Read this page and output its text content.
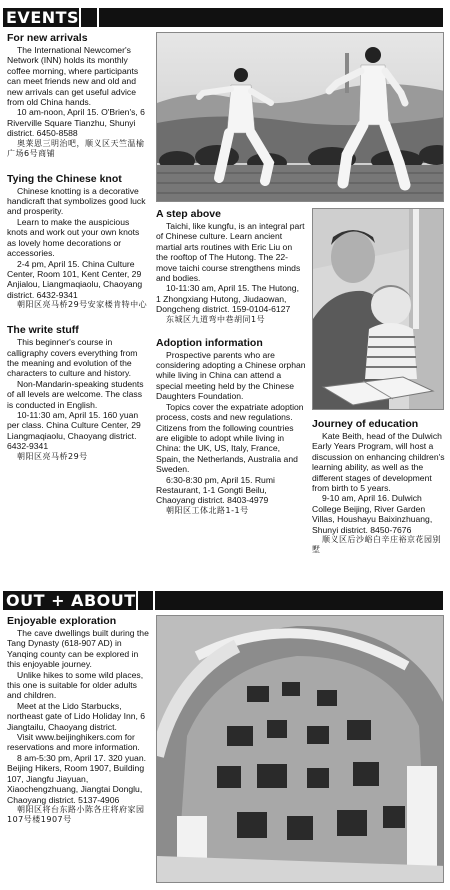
EVENTS
For new arrivals

The International Newcomer's Network (INN) holds its monthly coffee morning, where participants can meet friends new and old and new arrivals can get useful advice from old China hands.

10 am-noon, April 15. O'Brien's, 6 Riverville Square Tianzhu, Shunyi district. 6450-8588

奥莱恩三明治吧，顺义区天竺温榆广场6号商铺

Tying the Chinese knot

Chinese knotting is a decorative handicraft that symbolizes good luck and prosperity.

Learn to make the auspicious knots and work out your own knots as lovely home decorations or accessories.

2-4 pm, April 15. China Culture Center, Room 101, Kent Center, 29 Anjialou, Liangmaqiaolu, Chaoyang district. 6432-9341

朝阳区亮马桥29号安家楼肯特中心

The write stuff

This beginner's course in calligraphy covers everything from the meaning and evolution of the characters to culture and history.

Non-Mandarin-speaking students of all levels are welcome. The class is conducted in English.

10-11:30 am, April 15. 160 yuan per class. China Culture Center, 29 Liangmaqiaolu, Chaoyang district. 6432-9341

朝阳区亮马桥29号

A step above

Taichi, like kungfu, is an integral part of Chinese culture. Learn ancient martial arts routines with Eric Liu on the rooftop of The Hutong. The 22-move taichi course strengthens minds and bodies.

10-11:30 am, April 15. The Hutong, 1 Zhongxiang Hutong, Jiudaowan, Dongcheng district. 159-0104-6127

东城区九道弯中巷胡同1号

Adoption information

Prospective parents who are considering adopting a Chinese orphan while living in China can attend a special meeting held by the Chinese Daughters Foundation.

Topics cover the expatriate adoption process, costs and new regulations. Citizens from the following countries are eligible to adopt while living in China: the UK, US, Italy, France, Spain, the Netherlands, Australia and Sweden.

6:30-8:30 pm, April 15. Rumi Restaurant, 1-1 Gongti Beilu, Chaoyang district. 8403-4979

朝阳区工体北路1-1号

Journey of education

Kate Beith, head of the Dulwich Early Years Program, will host a discussion on enhancing children's learning ability, as well as the different stages of development from birth to 5 years.

9-10 am, April 16. Dulwich College Beijing, River Garden Villas, Houshayu Baixinzhuang, Shunyi district. 8450-7676

顺义区后沙峪白辛庄裕京花园别墅

OUT + ABOUT
Enjoyable exploration

The cave dwellings built during the Tang Dynasty (618-907 AD) in Yanqing county can be explored in this enjoyable journey.

Unlike hikes to some wild places, this one is suitable for older adults and children.

Meet at the Lido Starbucks, northeast gate of Lido Holiday Inn, 6 Jiangtailu, Chaoyang district.

Visit www.beijinghikers.com for reservations and more information.

8 am-5:30 pm, April 17. 320 yuan. Beijing Hikers, Room 1907, Building 107, Jiangfu Jiayuan, Xiaochengzhuang, Jiangtai Donglu, Chaoyang district. 5137-4906

朝阳区将台东路小陈各庄将府家园107号楼1907号
